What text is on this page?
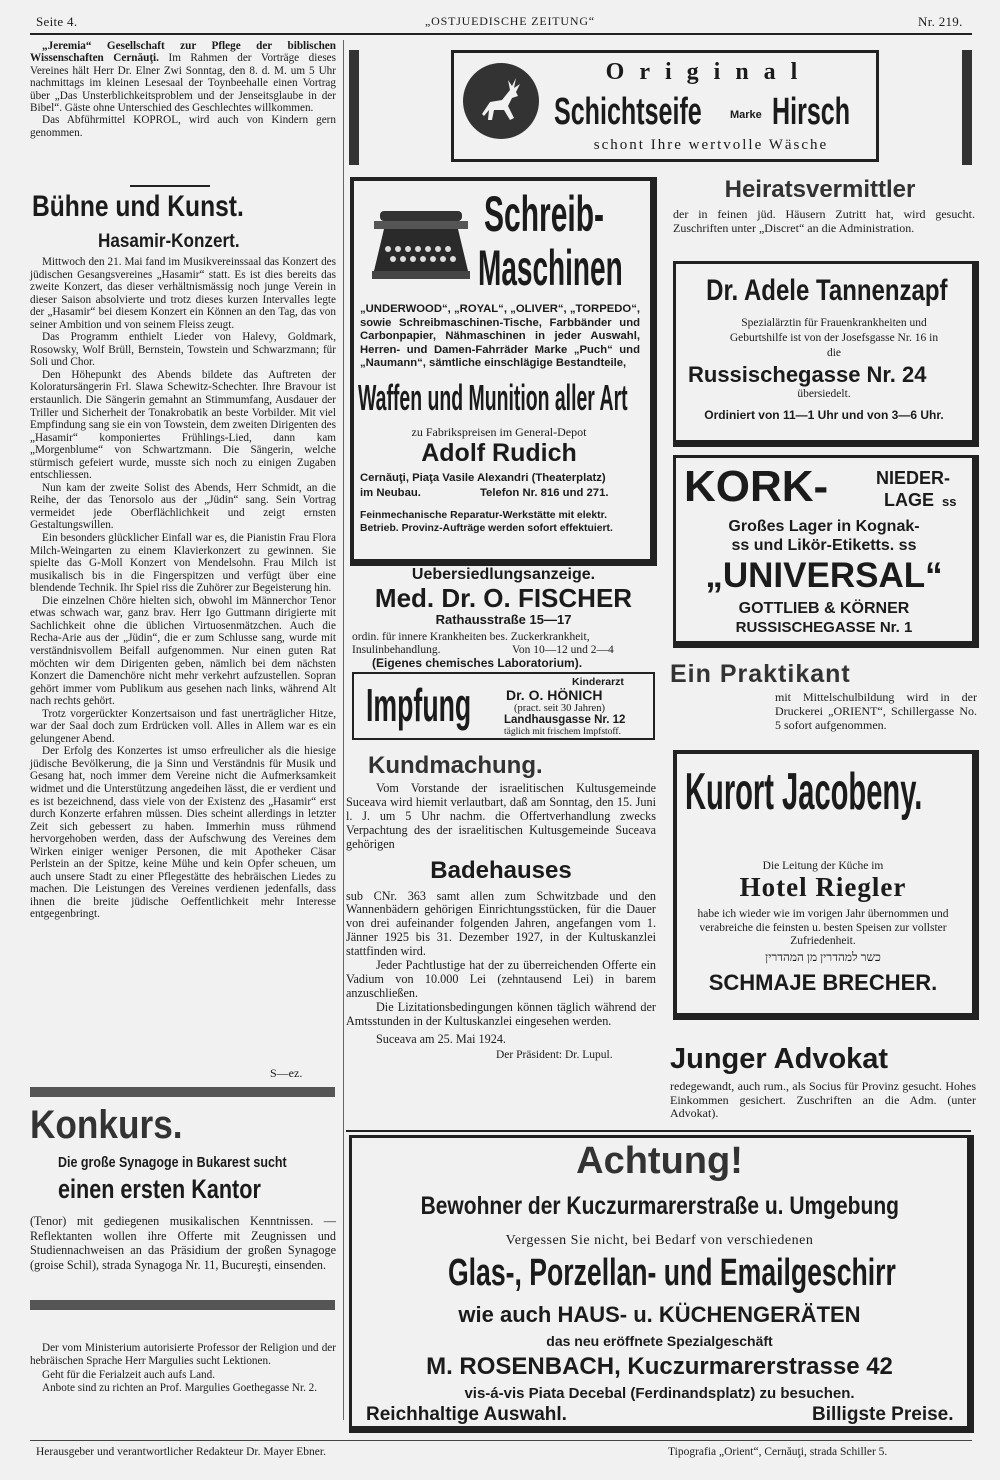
Seite 4.	„OSTJUEDISCHE ZEITUNG“	Nr. 219.

„Jeremia“ Gesellschaft zur Pflege der biblischen Wissenschaften Cernăuţi. Im Rahmen der Vorträge dieses Vereines hält Herr Dr. Elner Zwi Sonntag, den 8. d. M. um 5 Uhr nachmittags im kleinen Lesesaal der Toynbeehalle einen Vortrag über „Das Unsterblichkeitsproblem und der Jenseitsglaube in der Bibel“. Gäste ohne Unterschied des Geschlechtes willkommen.

Das Abführmittel KOPROL, wird auch von Kindern gern genommen.

Bühne und Kunst.
Hasamir-Konzert.

Mittwoch den 21. Mai fand im Musikvereinssaal das Konzert des jüdischen Gesangsvereines „Hasamir“ statt. Es ist dies bereits das zweite Konzert, das dieser verhältnismässig noch junge Verein in dieser Saison absolvierte und trotz dieses kurzen Intervalles legte der „Hasamir“ bei diesem Konzert ein Können an den Tag, das von seiner Ambition und von seinem Fleiss zeugt.

Das Programm enthielt Lieder von Halevy, Goldmark, Rosowsky, Wolf Brüll, Bernstein, Towstein und Schwarzmann; für Soli und Chor.

Den Höhepunkt des Abends bildete das Auftreten der Koloratursängerin Frl. Slawa Schewitz-Schechter. Ihre Bravour ist erstaunlich. Die Sängerin gemahnt an Stimmumfang, Ausdauer der Triller und Sicherheit der Tonakrobatik an beste Vorbilder. Mit viel Empfindung sang sie ein von Towstein, dem zweiten Dirigenten des „Hasamir“ komponiertes Frühlings-Lied, dann kam „Morgenblume“ von Schwartzmann. Die Sängerin, welche stürmisch gefeiert wurde, musste sich noch zu einigen Zugaben entschliessen.

Nun kam der zweite Solist des Abends, Herr Schmidt, an die Reihe, der das Tenorsolo aus der „Jüdin“ sang. Sein Vortrag vermeidet jede Oberflächlichkeit und zeigt ernsten Gestaltungswillen.

Ein besonders glücklicher Einfall war es, die Pianistin Frau Flora Milch-Weingarten zu einem Klavierkonzert zu gewinnen. Sie spielte das G-Moll Konzert von Mendelsohn. Frau Milch ist musikalisch bis in die Fingerspitzen und verfügt über eine blendende Technik. Ihr Spiel riss die Zuhörer zur Begeisterung hin.

Die einzelnen Chöre hielten sich, obwohl im Männerchor Tenor etwas schwach war, ganz brav. Herr Igo Guttmann dirigierte mit Sachlichkeit ohne die üblichen Virtuosenmätzchen. Auch die Recha-Arie aus der „Jüdin“, die er zum Schlusse sang, wurde mit verständnisvollem Beifall aufgenommen. Nur einen guten Rat möchten wir dem Dirigenten geben, nämlich bei dem nächsten Konzert die Damenchöre nicht mehr verkehrt aufzustellen. Sopran gehört immer vom Publikum aus gesehen nach links, während Alt nach rechts gehört.

Trotz vorgerückter Konzertsaison und fast unerträglicher Hitze, war der Saal doch zum Erdrücken voll. Alles in Allem war es ein gelungener Abend.

Der Erfolg des Konzertes ist umso erfreulicher als die hiesige jüdische Bevölkerung, die ja Sinn und Verständnis für Musik und Gesang hat, noch immer dem Vereine nicht die Aufmerksamkeit widmet und die Unterstützung angedeihen lässt, die er verdient und es ist bezeichnend, dass viele von der Existenz des „Hasamir“ erst durch Konzerte erfahren müssen. Dies scheint allerdings in letzter Zeit sich gebessert zu haben. Immerhin muss rühmend hervorgehoben werden, dass der Aufschwung des Vereines dem Wirken einiger weniger Personen, die mit Apotheker Cäsar Perlstein an der Spitze, keine Mühe und kein Opfer scheuen, um auch unsere Stadt zu einer Pflegestätte des hebräischen Liedes zu machen. Die Leistungen des Vereines verdienen jedenfalls, dass ihnen die breite jüdische Oeffentlichkeit mehr Interesse entgegenbringt.

S—ez.
Konkurs.
Die große Synagoge in Bukarest sucht
einen ersten Kantor

(Tenor) mit gediegenen musikalischen Kenntnissen. — Reflektanten wollen ihre Offerte mit Zeugnissen und Studiennachweisen an das Präsidium der großen Synagoge (groise Schil), strada Synagoga Nr. 11, Bucureşti, einsenden.

Der vom Ministerium autorisierte Professor der Religion und der hebräischen Sprache Herr Margulies sucht Lektionen.

Geht für die Ferialzeit auch aufs Land.

Anbote sind zu richten an Prof. Margulies Goethegasse Nr. 2.

Original
Schichtseife	Marke Hirsch
schont Ihre wertvolle Wäsche
Schreib-
Maschinen
„UNDERWOOD“, „ROYAL“, „OLIVER“, „TORPEDO“, sowie Schreibmaschinen-Tische, Farbbänder und Carbonpapier, Nähmaschinen in jeder Auswahl, Herren- und Damen-Fahrräder Marke „Puch“ und „Naumann“, sämtliche einschlägige Bestandteile,
Waffen und Munition aller Art
zu Fabrikspreisen im General-Depot
Adolf Rudich
Cernăuţi, Piaţa Vasile Alexandri (Theaterplatz)
im Neubau.	Telefon Nr. 816 und 271.
Feinmechanische Reparatur-Werkstätte mit elektr. Betrieb. Provinz-Aufträge werden sofort effektuiert.
Uebersiedlungsanzeige.
Med. Dr. O. FISCHER
Rathausstraße 15—17
ordin. für innere Krankheiten bes. Zuckerkrankheit,
Insulinbehandlung.	Von 10—12 und 2—4
(Eigenes chemisches Laboratorium).
Impfung	Kinderarzt
Dr. O. HÖNICH
(pract. seit 30 Jahren)
Landhausgasse Nr. 12
täglich mit frischem Impfstoff.
Kundmachung.

Vom Vorstande der israelitischen Kultusgemeinde Suceava wird hiemit verlautbart, daß am Sonntag, den 15. Juni l. J. um 5 Uhr nachm. die Offertverhandlung zwecks Verpachtung des der israelitischen Kultusgemeinde Suceava gehörigen

Badehauses

sub CNr. 363 samt allen zum Schwitzbade und den Wannenbädern gehörigen Einrichtungsstücken, für die Dauer von drei aufeinander folgenden Jahren, angefangen vom 1. Jänner 1925 bis 31. Dezember 1927, in der Kultuskanzlei stattfinden wird.

Jeder Pachtlustige hat der zu überreichenden Offerte ein Vadium von 10.000 Lei (zehntausend Lei) in barem anzuschließen.

Die Lizitationsbedingungen können täglich während der Amtsstunden in der Kultuskanzlei eingesehen werden.

Suceava am 25. Mai 1924.

Der Präsident: Dr. Lupul.

Heiratsvermittler
der in feinen jüd. Häusern Zutritt hat, wird gesucht. Zuschriften unter „Discret“ an die Administration.
Dr. Adele Tannenzapf
Spezialärztin für Frauenkrankheiten und Geburtshilfe ist von der Josefsgasse Nr. 16 in die
Russischegasse Nr. 24
übersiedelt.
Ordiniert von 11—1 Uhr und von 3—6 Uhr.
KORK-	NIEDER-
LAGE ss
Großes Lager in Kognak-
ss und Likör-Etiketts. ss
„UNIVERSAL“
GOTTLIEB & KÖRNER
RUSSISCHEGASSE Nr. 1
Ein Praktikant
mit Mittelschulbildung wird in der Druckerei „ORIENT“, Schillergasse No. 5 sofort aufgenommen.
Kurort Jacobeny.
Die Leitung der Küche im
Hotel Riegler
habe ich wieder wie im vorigen Jahr übernommen und verabreiche die feinsten u. besten Speisen zur vollster Zufriedenheit.
כשר למהדרין מן המהדרין
SCHMAJE BRECHER.
Junger Advokat
redegewandt, auch rum., als Socius für Provinz gesucht. Hohes Einkommen gesichert. Zuschriften an die Adm. (unter Advokat).
Achtung!
Bewohner der Kuczurmarerstraße u. Umgebung
Vergessen Sie nicht, bei Bedarf von verschiedenen
Glas-, Porzellan- und Emailgeschirr
wie auch HAUS- u. KÜCHENGERÄTEN
das neu eröffnete Spezialgeschäft
M. ROSENBACH, Kuczurmarerstrasse 42
vis-á-vis Piata Decebal (Ferdinandsplatz) zu besuchen.
Reichhaltige Auswahl.	Billigste Preise.
Herausgeber und verantwortlicher Redakteur Dr. Mayer Ebner.	Tipografia „Orient“, Cernăuţi, strada Schiller 5.
